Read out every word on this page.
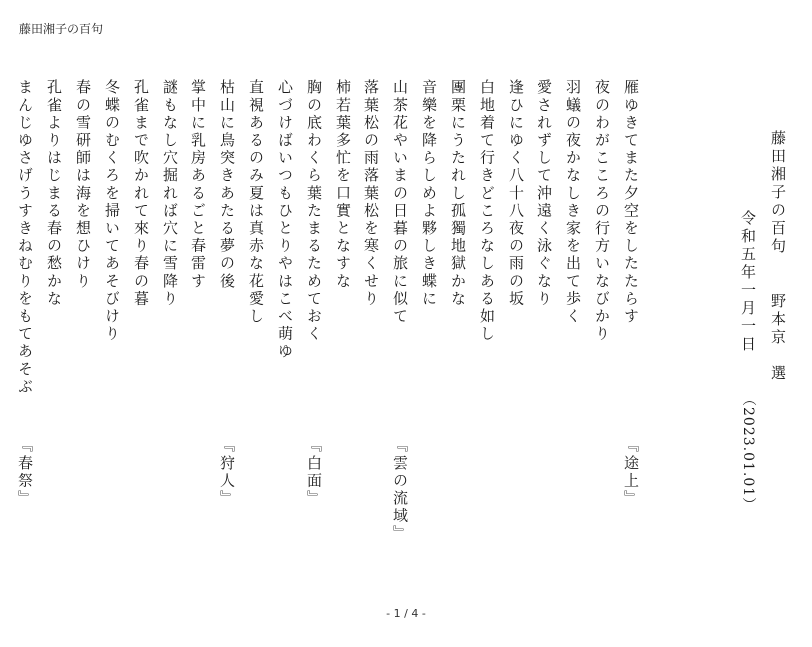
藤田湘子の百句
藤田湘子の百句
野本京　選
令和五年一月一日
（2023.01.01）
雁ゆきてまた夕空をしたたらす
夜のわがこころの行方いなびかり
羽蟻の夜かなしき家を出て歩く
愛されずして沖遠く泳ぐなり
逢ひにゆく八十八夜の雨の坂
白地着て行きどころなしある如し
團栗にうたれし孤獨地獄かな
音樂を降らしめよ夥しき蝶に
山茶花やいまの日暮の旅に似て
落葉松の雨落葉松を寒くせり
柿若葉多忙を口實となすな
胸の底わくら葉たまるためておく
心づけばいつもひとりやはこべ萌ゆ
直視あるのみ夏は真赤な花愛し
枯山に鳥突きあたる夢の後
掌中に乳房あるごと春雷す
謎もなし穴掘れば穴に雪降り
孔雀まで吹かれて來り春の暮
冬蝶のむくろを掃いてあそびけり
春の雪研師は海を想ひけり
孔雀よりはじまる春の愁かな
まんじゆさげうすきねむりをもてあそぶ
『途上』
『雲の流域』
『白面』
『狩人』
『春祭』
- 1 / 4 -
